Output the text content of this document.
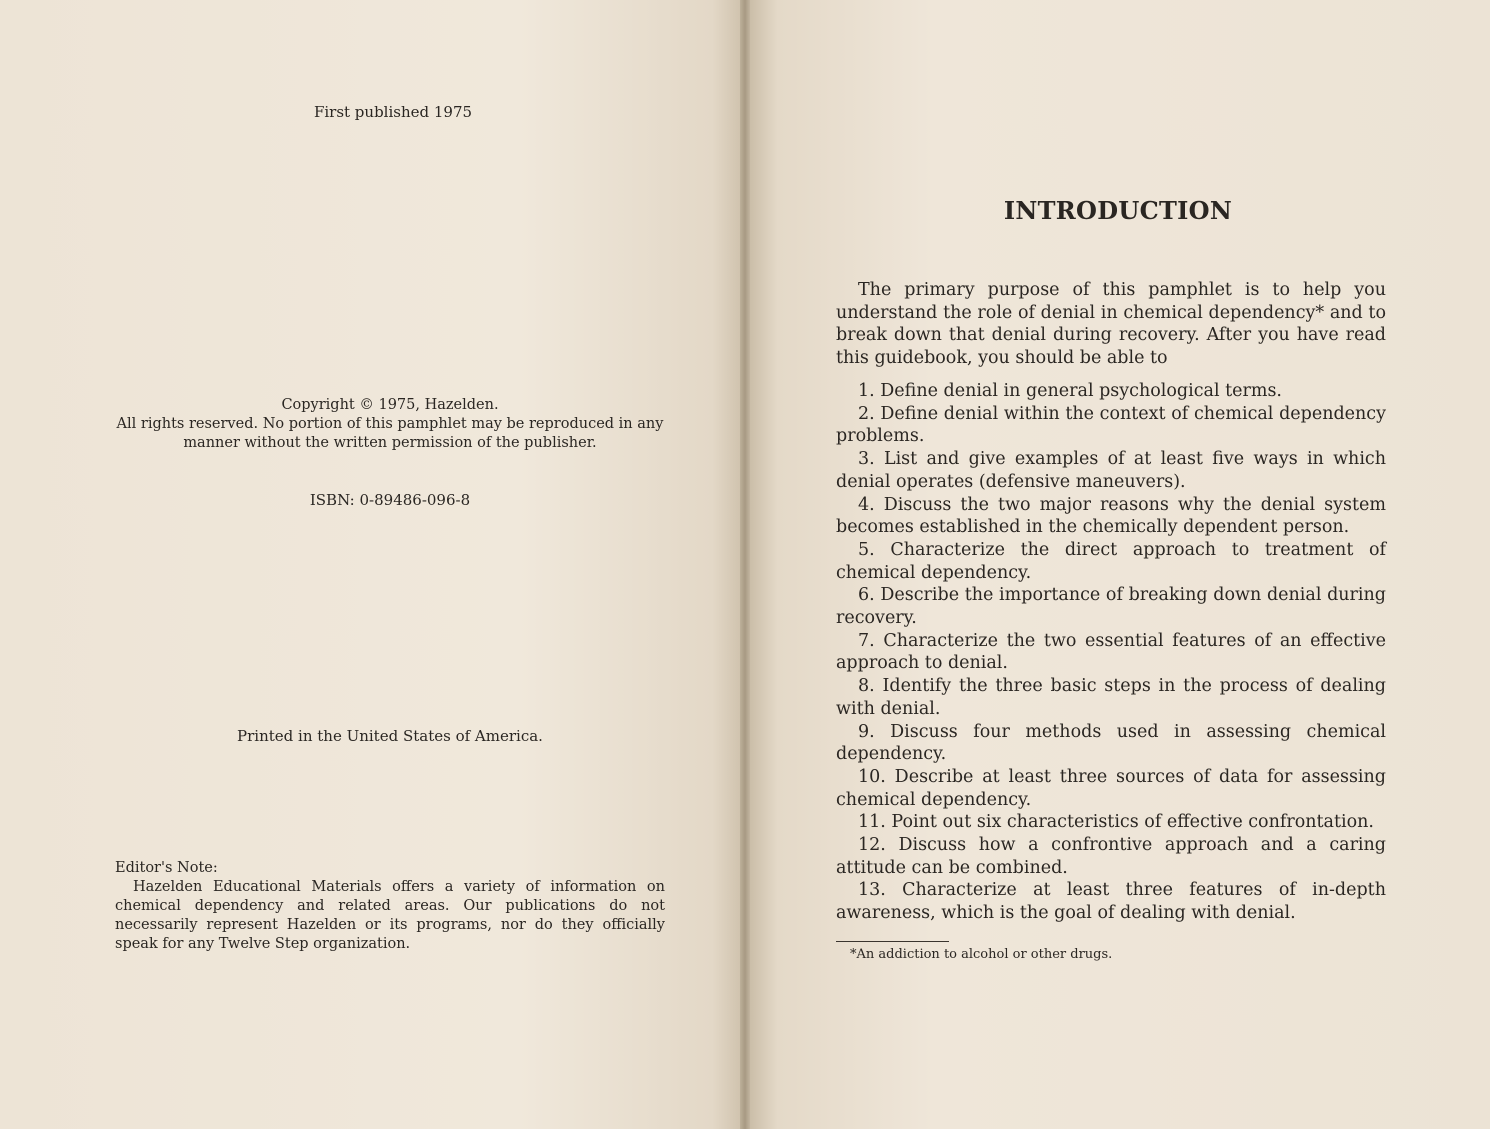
First published 1975
Copyright © 1975, Hazelden.
All rights reserved. No portion of this pamphlet may be reproduced in any manner without the written permission of the publisher.
ISBN: 0-89486-096-8
Printed in the United States of America.
Editor's Note:
Hazelden Educational Materials offers a variety of information on chemical dependency and related areas. Our publications do not necessarily represent Hazelden or its programs, nor do they officially speak for any Twelve Step organization.
INTRODUCTION
The primary purpose of this pamphlet is to help you understand the role of denial in chemical dependency* and to break down that denial during recovery. After you have read this guidebook, you should be able to

1. Define denial in general psychological terms.

2. Define denial within the context of chemical dependency problems.

3. List and give examples of at least five ways in which denial operates (defensive maneuvers).

4. Discuss the two major reasons why the denial system becomes established in the chemically dependent person.

5. Characterize the direct approach to treatment of chemical dependency.

6. Describe the importance of breaking down denial during recovery.

7. Characterize the two essential features of an effective approach to denial.

8. Identify the three basic steps in the process of dealing with denial.

9. Discuss four methods used in assessing chemical dependency.

10. Describe at least three sources of data for assessing chemical dependency.

11. Point out six characteristics of effective confrontation.

12. Discuss how a confrontive approach and a caring attitude can be combined.

13. Characterize at least three features of in-depth awareness, which is the goal of dealing with denial.

*An addiction to alcohol or other drugs.
